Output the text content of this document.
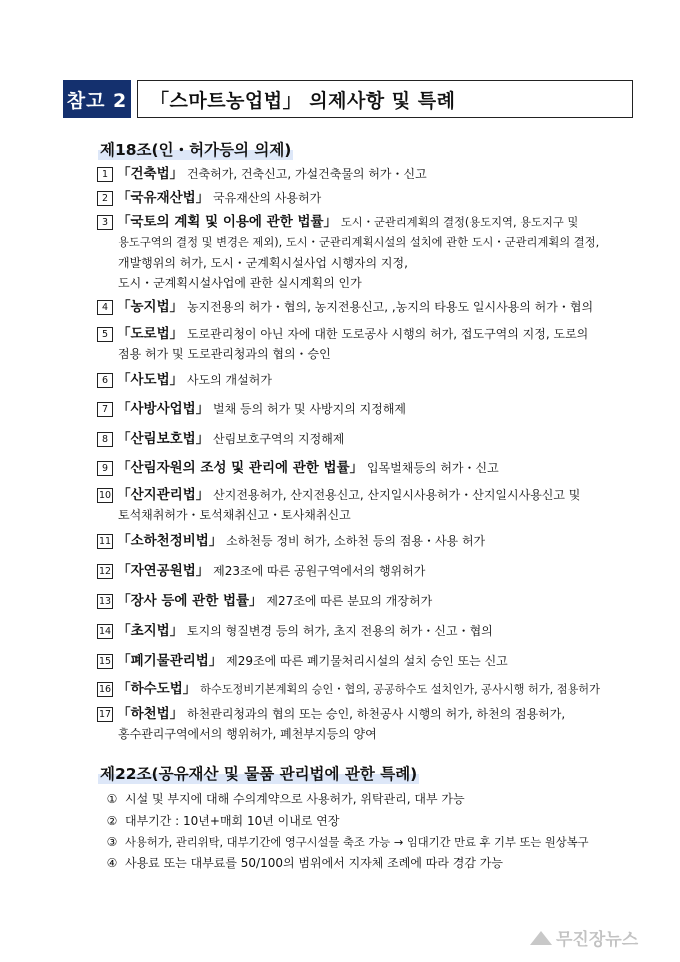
참고 2	「스마트농업법」 의제사항 및 특례
제18조(인・허가등의 의제)
1 「건축법」 건축허가, 건축신고, 가설건축물의 허가・신고
2 「국유재산법」 국유재산의 사용허가
3 「국토의 계획 및 이용에 관한 법률」 도시・군관리계획의 결정(용도지역, 용도지구 및
용도구역의 결정 및 변경은 제외), 도시・군관리계획시설의 설치에 관한 도시・군관리계획의 결정,
개발행위의 허가, 도시・군계획시설사업 시행자의 지정,
도시・군계획시설사업에 관한 실시계획의 인가
4 「농지법」 농지전용의 허가・협의, 농지전용신고, ,농지의 타용도 일시사용의 허가・협의
5 「도로법」 도로관리청이 아닌 자에 대한 도로공사 시행의 허가, 접도구역의 지정, 도로의
점용 허가 및 도로관리청과의 협의・승인
6 「사도법」 사도의 개설허가
7 「사방사업법」 벌채 등의 허가 및 사방지의 지정해제
8 「산림보호법」 산림보호구역의 지정해제
9 「산림자원의 조성 및 관리에 관한 법률」 입목벌채등의 허가・신고
10 「산지관리법」 산지전용허가, 산지전용신고, 산지일시사용허가・산지일시사용신고 및
토석채취허가・토석채취신고・토사채취신고
11 「소하천정비법」 소하천등 정비 허가, 소하천 등의 점용・사용 허가
12 「자연공원법」 제23조에 따른 공원구역에서의 행위허가
13 「장사 등에 관한 법률」 제27조에 따른 분묘의 개장허가
14 「초지법」 토지의 형질변경 등의 허가, 초지 전용의 허가・신고・협의
15 「폐기물관리법」 제29조에 따른 폐기물처리시설의 설치 승인 또는 신고
16 「하수도법」 하수도정비기본계획의 승인・협의, 공공하수도 설치인가, 공사시행 허가, 점용허가
17 「하천법」 하천관리청과의 협의 또는 승인, 하천공사 시행의 허가, 하천의 점용허가,
홍수관리구역에서의 행위허가, 폐천부지등의 양여
제22조(공유재산 및 물품 관리법에 관한 특례)
① 시설 및 부지에 대해 수의계약으로 사용허가, 위탁관리, 대부 가능
② 대부기간 : 10년+매회 10년 이내로 연장
③ 사용허가, 관리위탁, 대부기간에 영구시설물 축조 가능 → 임대기간 만료 후 기부 또는 원상복구
④ 사용료 또는 대부료를 50/100의 범위에서 지자체 조례에 따라 경감 가능
무진장뉴스
